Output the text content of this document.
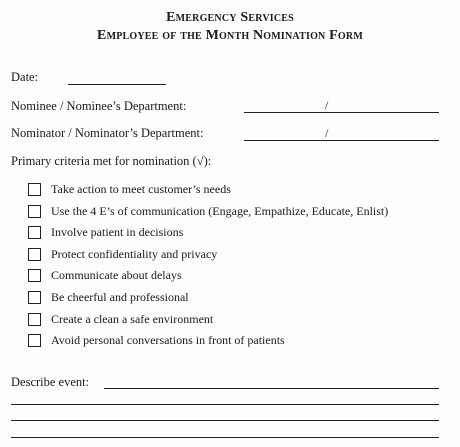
Emergency Services
Employee of the Month Nomination Form
Date:
Nominee / Nominee’s Department:	/
Nominator / Nominator’s Department:	/
Primary criteria met for nomination (√):
Take action to meet customer’s needs
Use the 4 E’s of communication (Engage, Empathize, Educate, Enlist)
Involve patient in decisions
Protect confidentiality and privacy
Communicate about delays
Be cheerful and professional
Create a clean a safe environment
Avoid personal conversations in front of patients
Describe event:
